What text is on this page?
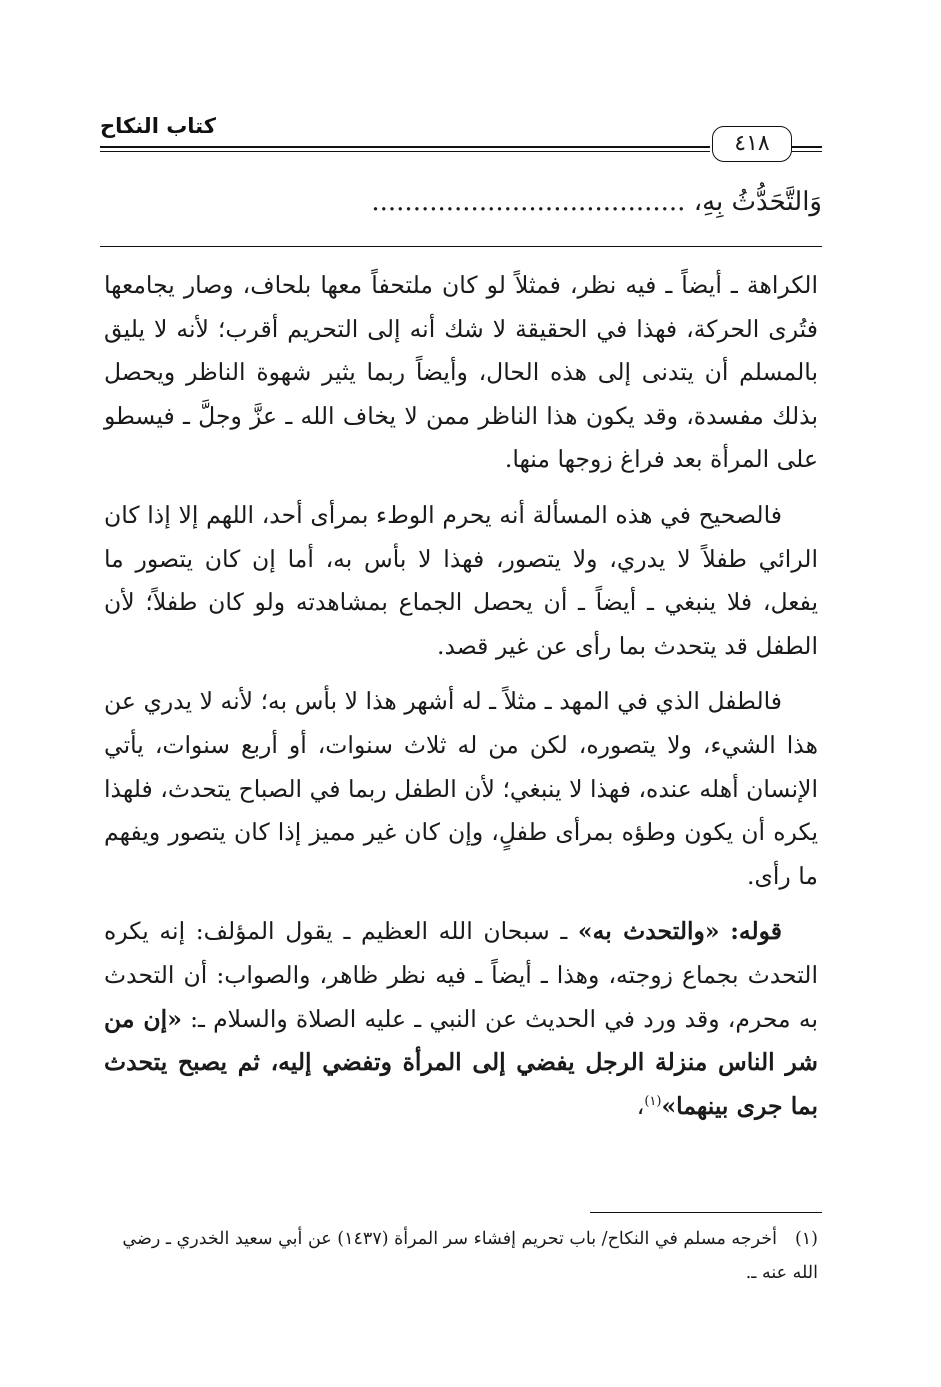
كتاب النكاح
٤١٨
وَالتَّحَدُّثُ بِهِ، ......................................

الكراهة ـ أيضاً ـ فيه نظر، فمثلاً لو كان ملتحفاً معها بلحاف، وصار يجامعها فتُرى الحركة، فهذا في الحقيقة لا شك أنه إلى التحريم أقرب؛ لأنه لا يليق بالمسلم أن يتدنى إلى هذه الحال، وأيضاً ربما يثير شهوة الناظر ويحصل بذلك مفسدة، وقد يكون هذا الناظر ممن لا يخاف الله ـ عزَّ وجلَّ ـ فيسطو على المرأة بعد فراغ زوجها منها.

فالصحيح في هذه المسألة أنه يحرم الوطء بمرأى أحد، اللهم إلا إذا كان الرائي طفلاً لا يدري، ولا يتصور، فهذا لا بأس به، أما إن كان يتصور ما يفعل، فلا ينبغي ـ أيضاً ـ أن يحصل الجماع بمشاهدته ولو كان طفلاً؛ لأن الطفل قد يتحدث بما رأى عن غير قصد.

فالطفل الذي في المهد ـ مثلاً ـ له أشهر هذا لا بأس به؛ لأنه لا يدري عن هذا الشيء، ولا يتصوره، لكن من له ثلاث سنوات، أو أربع سنوات، يأتي الإنسان أهله عنده، فهذا لا ينبغي؛ لأن الطفل ربما في الصباح يتحدث، فلهذا يكره أن يكون وطؤه بمرأى طفلٍ، وإن كان غير مميز إذا كان يتصور ويفهم ما رأى.

قوله: «والتحدث به» ـ سبحان الله العظيم ـ يقول المؤلف: إنه يكره التحدث بجماع زوجته، وهذا ـ أيضاً ـ فيه نظر ظاهر، والصواب: أن التحدث به محرم، وقد ورد في الحديث عن النبي ـ عليه الصلاة والسلام ـ: «إن من شر الناس منزلة الرجل يفضي إلى المرأة وتفضي إليه، ثم يصبح يتحدث بما جرى بينهما»$^{(١)}$،

(١)أخرجه مسلم في النكاح/ باب تحريم إفشاء سر المرأة (١٤٣٧) عن أبي سعيد الخدري ـ رضي الله عنه ـ.
